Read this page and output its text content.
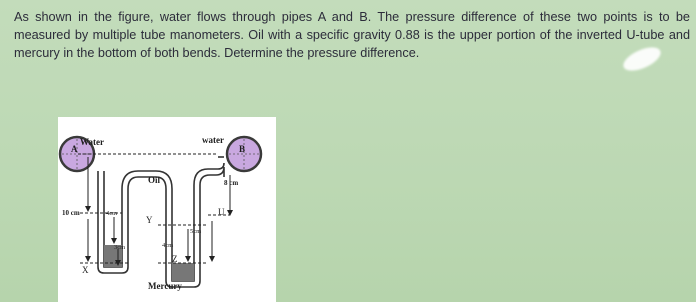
As shown in the figure, water flows through pipes A and B. The pressure difference of these two points is to be measured by multiple tube manometers. Oil with a specific gravity 0.88 is the upper portion of the inverted U-tube and mercury in the bottom of both bends. Determine the pressure difference.

Water
A
water
B
Oil	8 cm
10 cm	4cm
Y
U
5cm
4cm
3cm
Z
X
Mercury
